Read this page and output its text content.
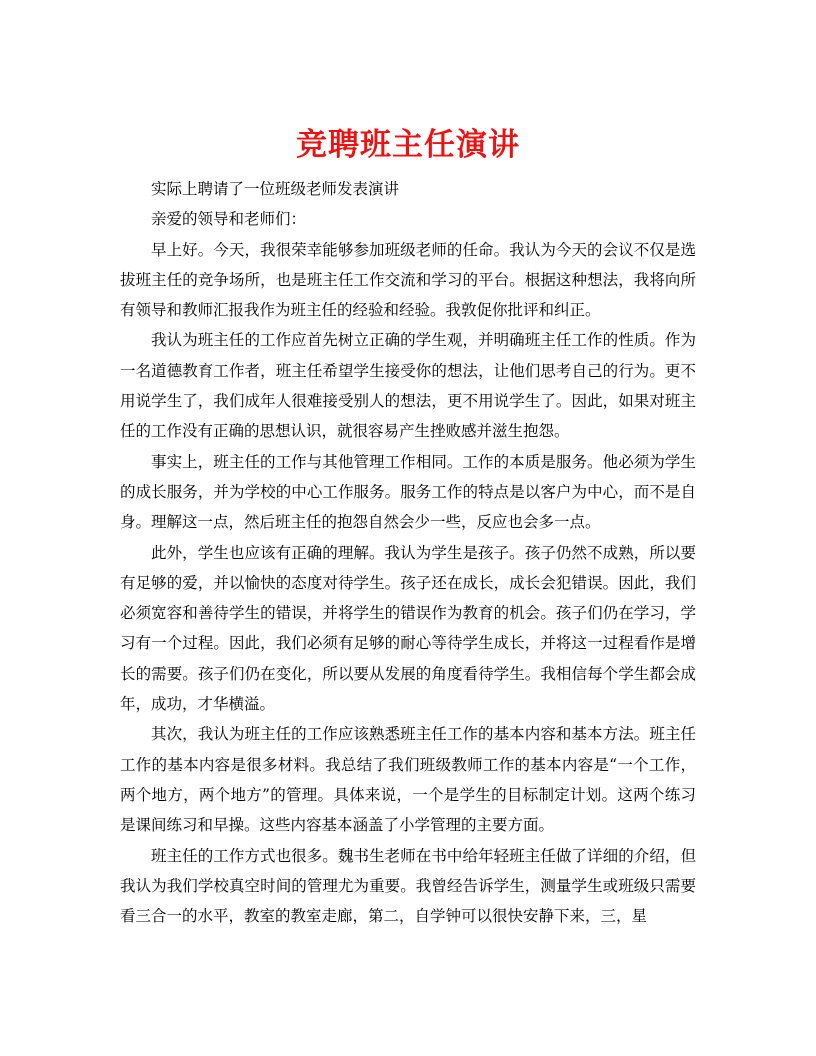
竞聘班主任演讲

实际上聘请了一位班级老师发表演讲

亲爱的领导和老师们：

早上好。今天，我很荣幸能够参加班级老师的任命。我认为今天的会议不仅是选拔班主任的竞争场所，也是班主任工作交流和学习的平台。根据这种想法，我将向所有领导和教师汇报我作为班主任的经验和经验。我敦促你批评和纠正。

我认为班主任的工作应首先树立正确的学生观，并明确班主任工作的性质。作为一名道德教育工作者，班主任希望学生接受你的想法，让他们思考自己的行为。更不用说学生了，我们成年人很难接受别人的想法，更不用说学生了。因此，如果对班主任的工作没有正确的思想认识，就很容易产生挫败感并滋生抱怨。

事实上，班主任的工作与其他管理工作相同。工作的本质是服务。他必须为学生的成长服务，并为学校的中心工作服务。服务工作的特点是以客户为中心，而不是自身。理解这一点，然后班主任的抱怨自然会少一些，反应也会多一点。

此外，学生也应该有正确的理解。我认为学生是孩子。孩子仍然不成熟，所以要有足够的爱，并以愉快的态度对待学生。孩子还在成长，成长会犯错误。因此，我们必须宽容和善待学生的错误，并将学生的错误作为教育的机会。孩子们仍在学习，学习有一个过程。因此，我们必须有足够的耐心等待学生成长，并将这一过程看作是增长的需要。孩子们仍在变化，所以要从发展的角度看待学生。我相信每个学生都会成年，成功，才华横溢。

其次，我认为班主任的工作应该熟悉班主任工作的基本内容和基本方法。班主任工作的基本内容是很多材料。我总结了我们班级教师工作的基本内容是“一个工作，两个地方，两个地方”的管理。具体来说，一个是学生的目标制定计划。这两个练习是课间练习和早操。这些内容基本涵盖了小学管理的主要方面。

班主任的工作方式也很多。魏书生老师在书中给年轻班主任做了详细的介绍，但我认为我们学校真空时间的管理尤为重要。我曾经告诉学生，测量学生或班级只需要看三合一的水平，教室的教室走廊，第二，自学钟可以很快安静下来，三，星
